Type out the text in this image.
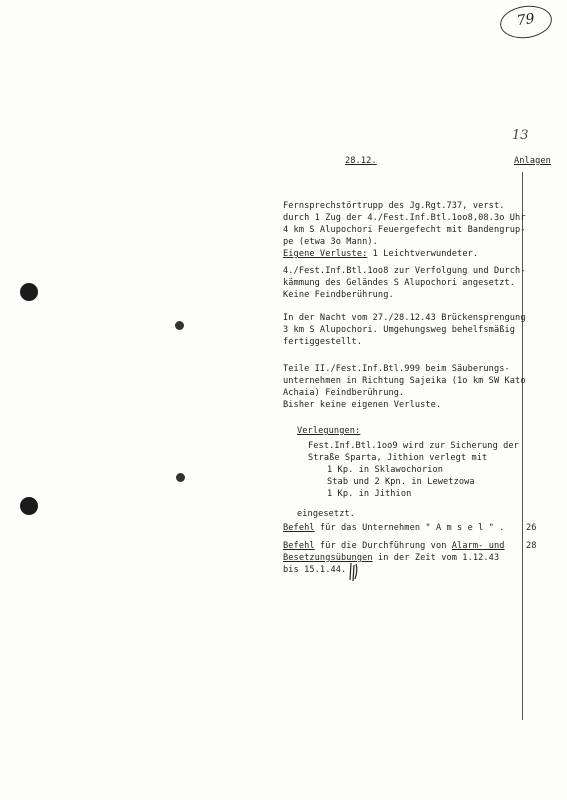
79
13
28.12.	Anlagen
Fernsprechstörtrupp des Jg.Rgt.737, verst.
durch 1 Zug der 4./Fest.Inf.Btl.1oo8,08.3o Uhr
4 km S Alupochori Feuergefecht mit Bandengrup-
pe (etwa 3o Mann).
Eigene Verluste: 1 Leichtverwundeter.
4./Fest.Inf.Btl.1oo8 zur Verfolgung und Durch-
kämmung des Geländes S Alupochori angesetzt.
Keine Feindberührung.
In der Nacht vom 27./28.12.43 Brückensprengung
3 km S Alupochori. Umgehungsweg behelfsmäßig
fertiggestellt.
Teile II./Fest.Inf.Btl.999 beim Säuberungs-
unternehmen in Richtung Sajeika (1o km SW Kato
Achaia) Feindberührung.
Bisher keine eigenen Verluste.
Verlegungen:
Fest.Inf.Btl.1oo9 wird zur Sicherung der
Straße Sparta, Jithion verlegt mit
1 Kp. in Sklawochorion
Stab und 2 Kpn. in Lewetzowa
1 Kp. in Jithion
eingesetzt.
Befehl für das Unternehmen " A m s e l " . 26
Befehl für die Durchführung von Alarm- und
Besetzungsübungen in der Zeit vom 1.12.43
bis 15.1.44.
28
